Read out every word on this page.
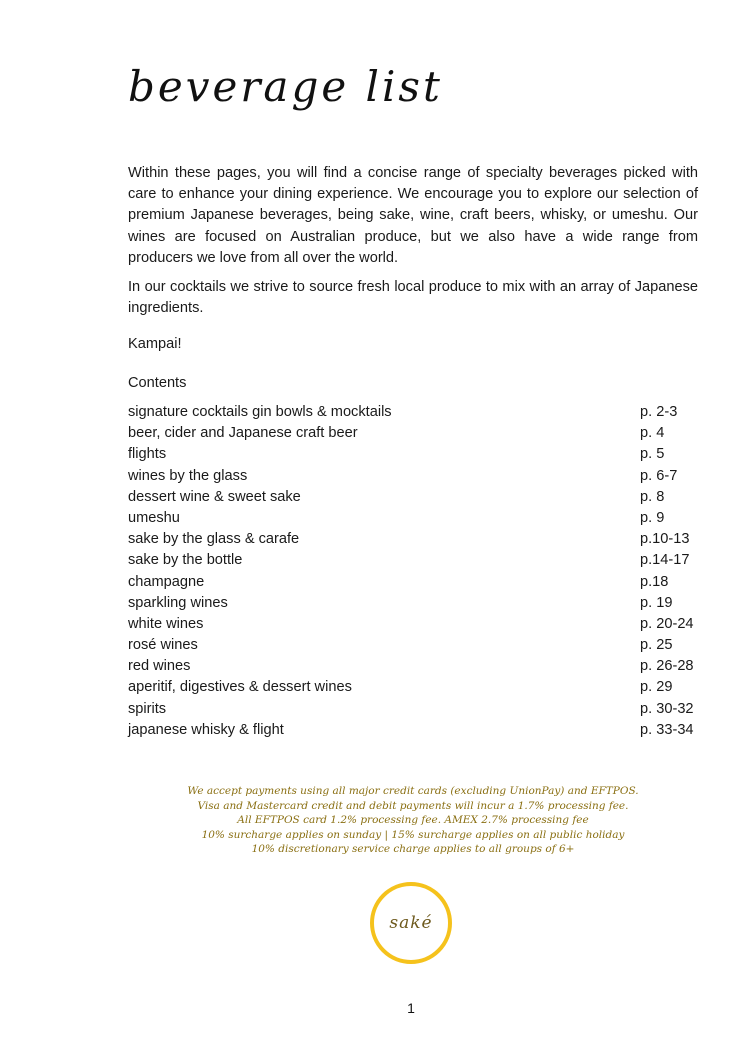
beverage list

Within these pages, you will find a concise range of specialty beverages picked with care to enhance your dining experience. We encourage you to explore our selection of premium Japanese beverages, being sake, wine, craft beers, whisky, or umeshu. Our wines are focused on Australian produce, but we also have a wide range from producers we love from all over the world.

In our cocktails we strive to source fresh local produce to mix with an array of Japanese ingredients.

Kampai!
Contents
signature cocktails gin bowls & mocktails	p. 2-3
beer, cider and Japanese craft beer	p. 4
flights	p. 5
wines by the glass	p. 6-7
dessert wine & sweet sake	p. 8
umeshu	p. 9
sake by the glass & carafe	p.10-13
sake by the bottle	p.14-17
champagne	p.18
sparkling wines	p. 19
white wines	p. 20-24
rosé wines	p. 25
red wines	p. 26-28
aperitif, digestives & dessert wines	p. 29
spirits	p. 30-32
japanese whisky & flight	p. 33-34
We accept payments using all major credit cards (excluding UnionPay) and EFTPOS.
Visa and Mastercard credit and debit payments will incur a 1.7% processing fee.
All EFTPOS card 1.2% processing fee. AMEX 2.7% processing fee
10% surcharge applies on sunday | 15% surcharge applies on all public holiday
10% discretionary service charge applies to all groups of 6+
saké
1
